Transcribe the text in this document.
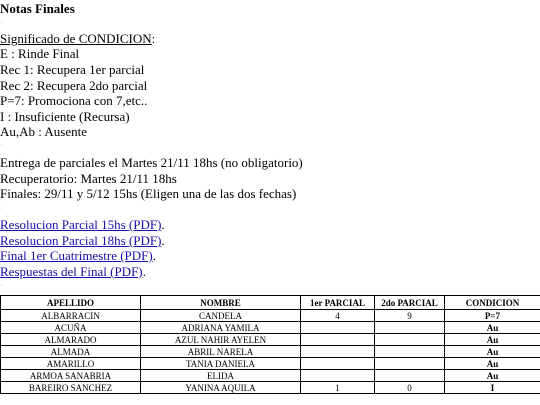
Notas Finales
·
Significado de CONDICION:
E : Rinde Final
Rec 1: Recupera 1er parcial
Rec 2: Recupera 2do parcial
P=7: Promociona con 7,etc..
I : Insuficiente (Recursa)
Au,Ab : Ausente
·
Entrega de parciales el Martes 21/11 18hs (no obligatorio)
Recuperatorio: Martes 21/11 18hs
Finales: 29/11 y 5/12 15hs (Eligen una de las dos fechas)
·
Resolucion Parcial 15hs (PDF).
Resolucion Parcial 18hs (PDF).
Final 1er Cuatrimestre (PDF).
Respuestas del Final (PDF).
·
APELLIDO	NOMBRE	1er PARCIAL	2do PARCIAL	CONDICION
ALBARRACIN	CANDELA	4	9	P=7
ACUÑA	ADRIANA YAMILA			Au
ALMARADO	AZUL NAHIR AYELEN			Au
ALMADA	ABRIL NARELA			Au
AMARILLO	TANIA DANIELA			Au
ARMOA SANABRIA	ELIDA			Au
BAREIRO SANCHEZ	YANINA AQUILA	1	0	I
